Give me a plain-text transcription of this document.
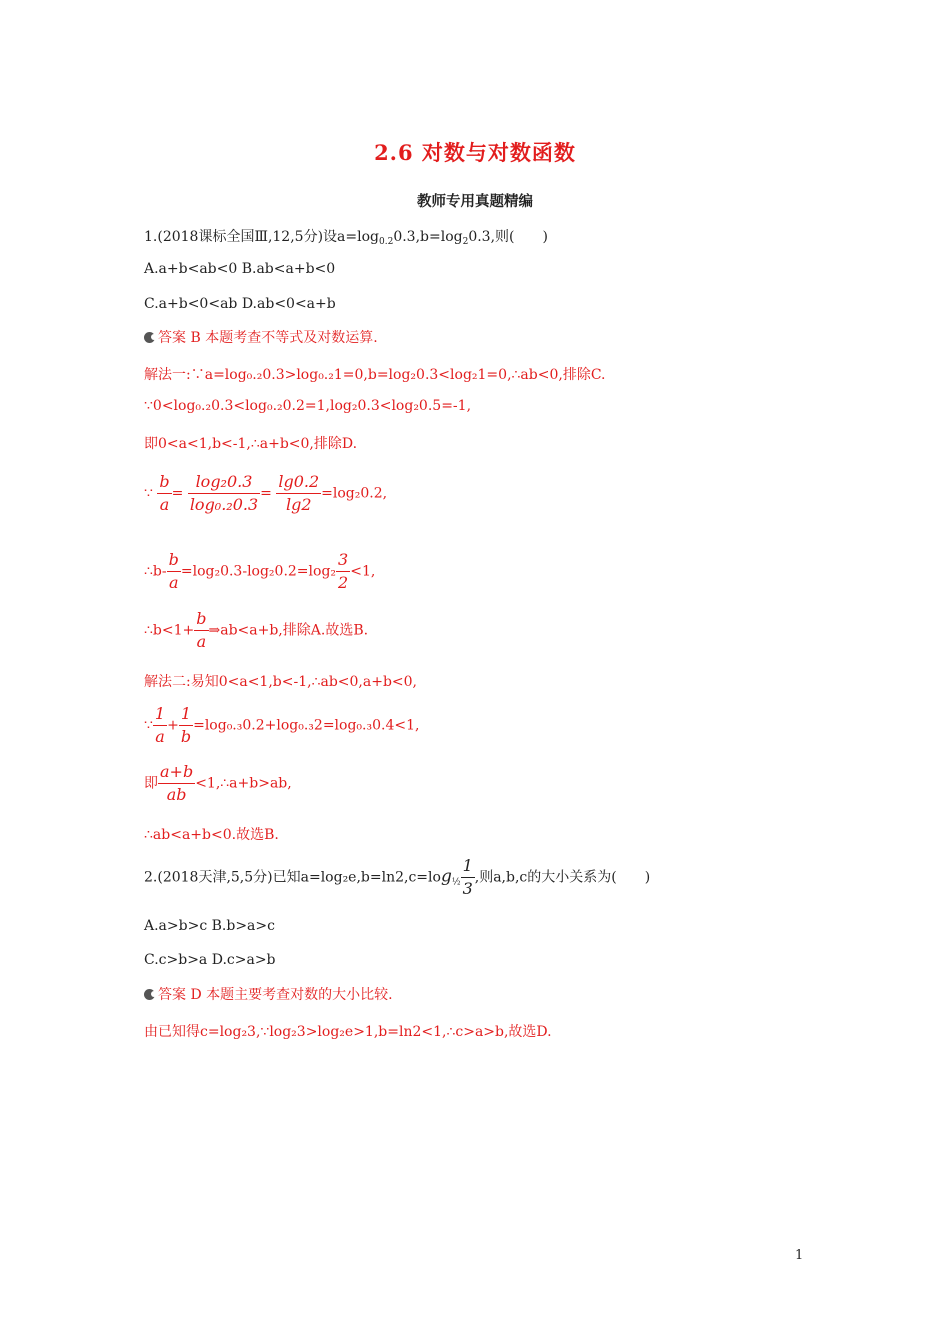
2.6 对数与对数函数
教师专用真题精编
1.(2018课标全国Ⅲ,12,5分)设$a=\log_{0.2}0.3,b=\log_20.3$,则(　　)
A.a+b<ab<0 B.ab<a+b<0
C.a+b<0<ab D.ab<0<a+b
答案 B 本题考查不等式及对数运算.
解法一:∵a=log₀.₂0.3>log₀.₂1=0,b=log₂0.3<log₂1=0,∴ab<0,排除C.
∵0<log₀.₂0.3<log₀.₂0.2=1,log₂0.3<log₂0.5=-1,
即0<a<1,b<-1,∴a+b<0,排除D.
∵ $\frac{b}{a} = \frac{\text{log₂0.3}}{\text{log₀.₂0.3}} = \frac{\lg 0.2}{\lg 2} =\log_20.2$,
∴b- $\frac{b}{a} =\log_20.3-\log_20.2=\log_2 \frac{3}{2} <1$,
∴b<1+ $\frac{b}{a}$ ⇒ab<a+b,排除A.故选B.
解法二:易知0<a<1,b<-1,∴ab<0,a+b<0,
∵ $\frac{1}{a} + \frac{1}{b} =\log_0._30.2+\log_0._32=\log_0._30.4<1$,
即 $\frac{a+b}{ab}$ <1,∴a+b>ab,
∴ab<a+b<0.故选B.
2.(2018天津,5,5分)已知$a=\log_2e,b=\ln 2,c=\log_{\frac{1}{2}} \frac{1}{3}$ ,则a,b,c的大小关系为(　　)
A.a>b>c B.b>a>c
C.c>b>a D.c>a>b
答案 D 本题主要考查对数的大小比较.
由已知得c=log₂3,∵log₂3>log₂e>1,b=ln2<1,∴c>a>b,故选D.
1
